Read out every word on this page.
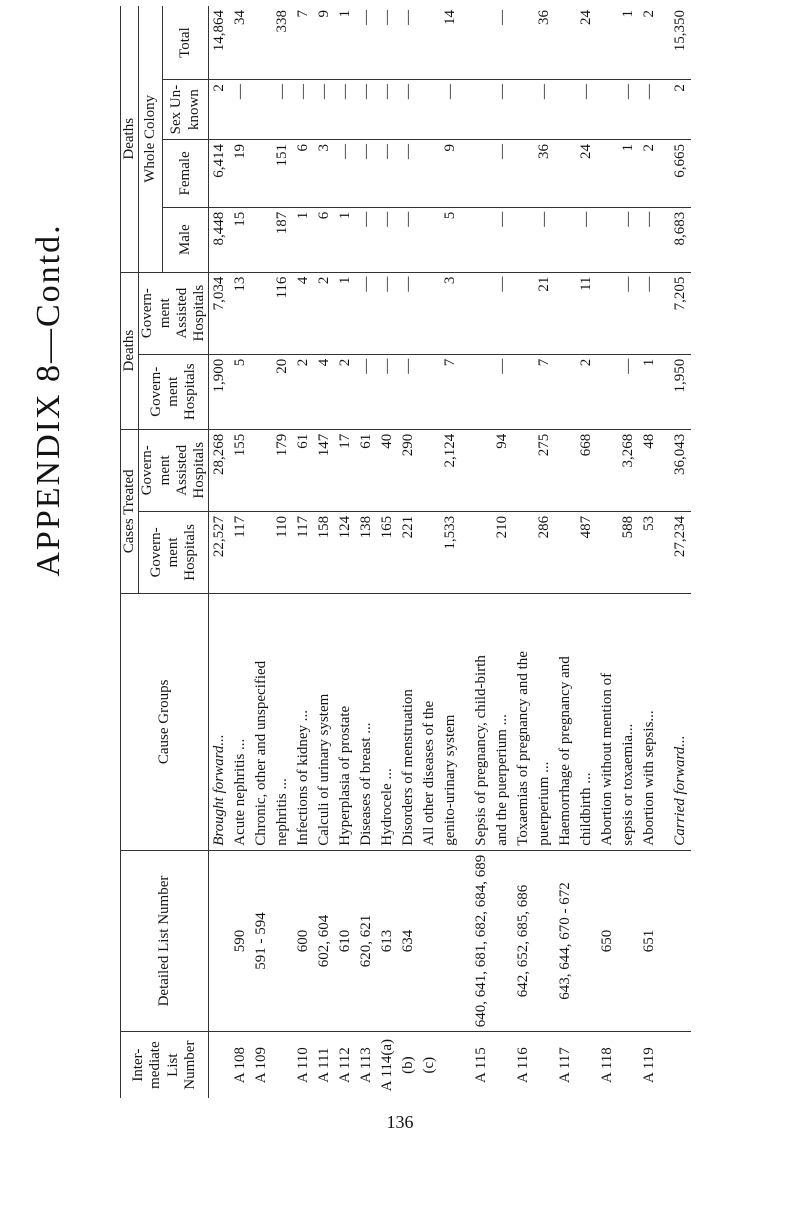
APPENDIX 8—Contd.
Inter-mediate List Number	Detailed List Number	Cause Groups	Cases Treated		Deaths		Deaths			
			Govern-ment Hospitals	Govern-ment Assisted Hospitals	Govern-ment Hospitals	Govern-ment Assisted Hospitals	Whole Colony			
							Male	Female	Sex Un-known	Total
		Brought forward...	22,527	28,268	1,900	7,034	8,448	6,414	2	14,864
A 108	590	Acute nephritis ...	117	155	5	13	15	19	—	34
A 109	591 - 594	Chronic, other and unspecified								
		nephritis ...	110	179	20	116	187	151	—	338
A 110	600	Infections of kidney ...	117	61	2	4	1	6	—	7
A 111	602, 604	Calculi of urinary system	158	147	4	2	6	3	—	9
A 112	610	Hyperplasia of prostate	124	17	2	1	1	—	—	1
A 113	620, 621	Diseases of breast ...	138	61	—	—	—	—	—	—
A 114(a)	613	Hydrocele ...	165	40	—	—	—	—	—	—
(b)	634	Disorders of menstruation	221	290	—	—	—	—	—	—
(c)		All other diseases of the								
		genito-urinary system	1,533	2,124	7	3	5	9	—	14

A 115	640, 641, 681, 682, 684, 689	Sepsis of pregnancy, child-birth								
		and the puerperium ...	210	94	—	—	—	—	—	—
A 116	642, 652, 685, 686	Toxaemias of pregnancy and the								
		puerperium ...	286	275	7	21	—	36	—	36
A 117	643, 644, 670 - 672	Haemorrhage of pregnancy and								
		childbirth ...	487	668	2	11	—	24	—	24
A 118	650	Abortion without mention of								
		sepsis or toxaemia...	588	3,268	—	—	—	1	—	1
A 119	651	Abortion with sepsis...	53	48	1	—	—	2	—	2

		Carried forward...	27,234	36,043	1,950	7,205	8,683	6,665	2	15,350
136
